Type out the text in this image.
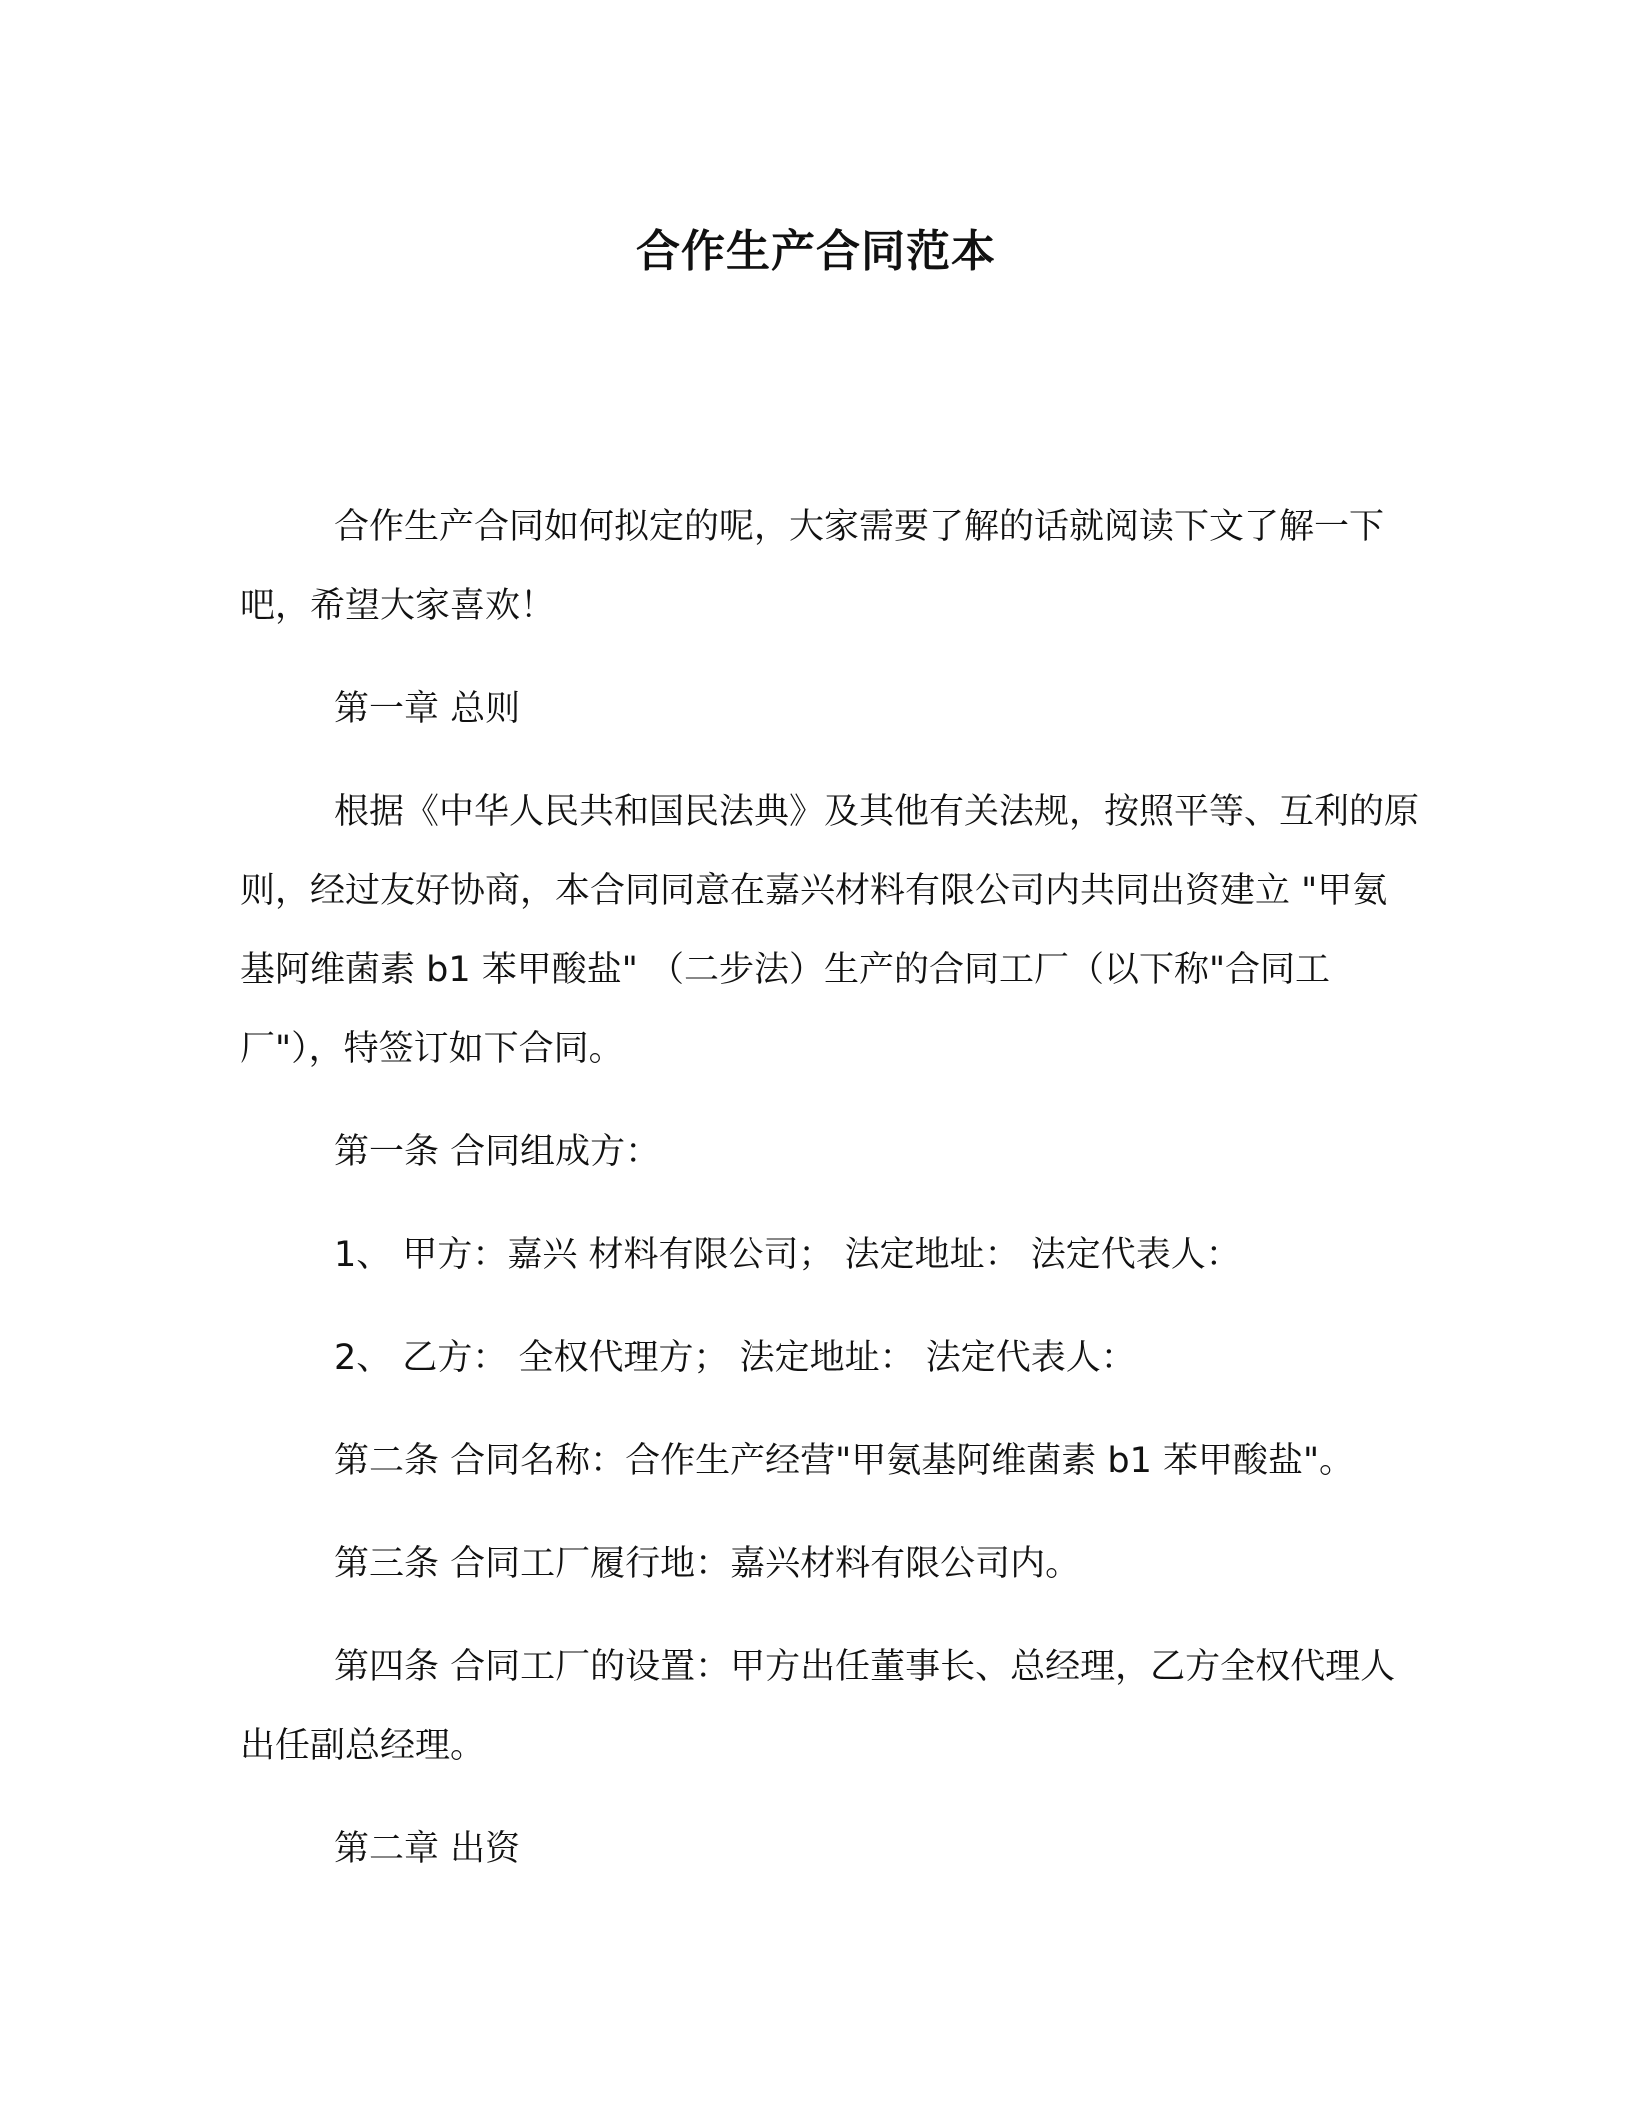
合作生产合同范本

合作生产合同如何拟定的呢，大家需要了解的话就阅读下文了解一下吧，希望大家喜欢！

第一章 总则

根据《中华人民共和国民法典》及其他有关法规，按照平等、互利的原则，经过友好协商，本合同同意在嘉兴材料有限公司内共同出资建立 "甲氨基阿维菌素 b1 苯甲酸盐" （二步法）生产的合同工厂（以下称"合同工厂"），特签订如下合同。

第一条 合同组成方：

1、 甲方：嘉兴 材料有限公司； 法定地址： 法定代表人：

2、 乙方： 全权代理方； 法定地址： 法定代表人：

第二条 合同名称：合作生产经营"甲氨基阿维菌素 b1 苯甲酸盐"。

第三条 合同工厂履行地：嘉兴材料有限公司内。

第四条 合同工厂的设置：甲方出任董事长、总经理，乙方全权代理人出任副总经理。

第二章 出资
